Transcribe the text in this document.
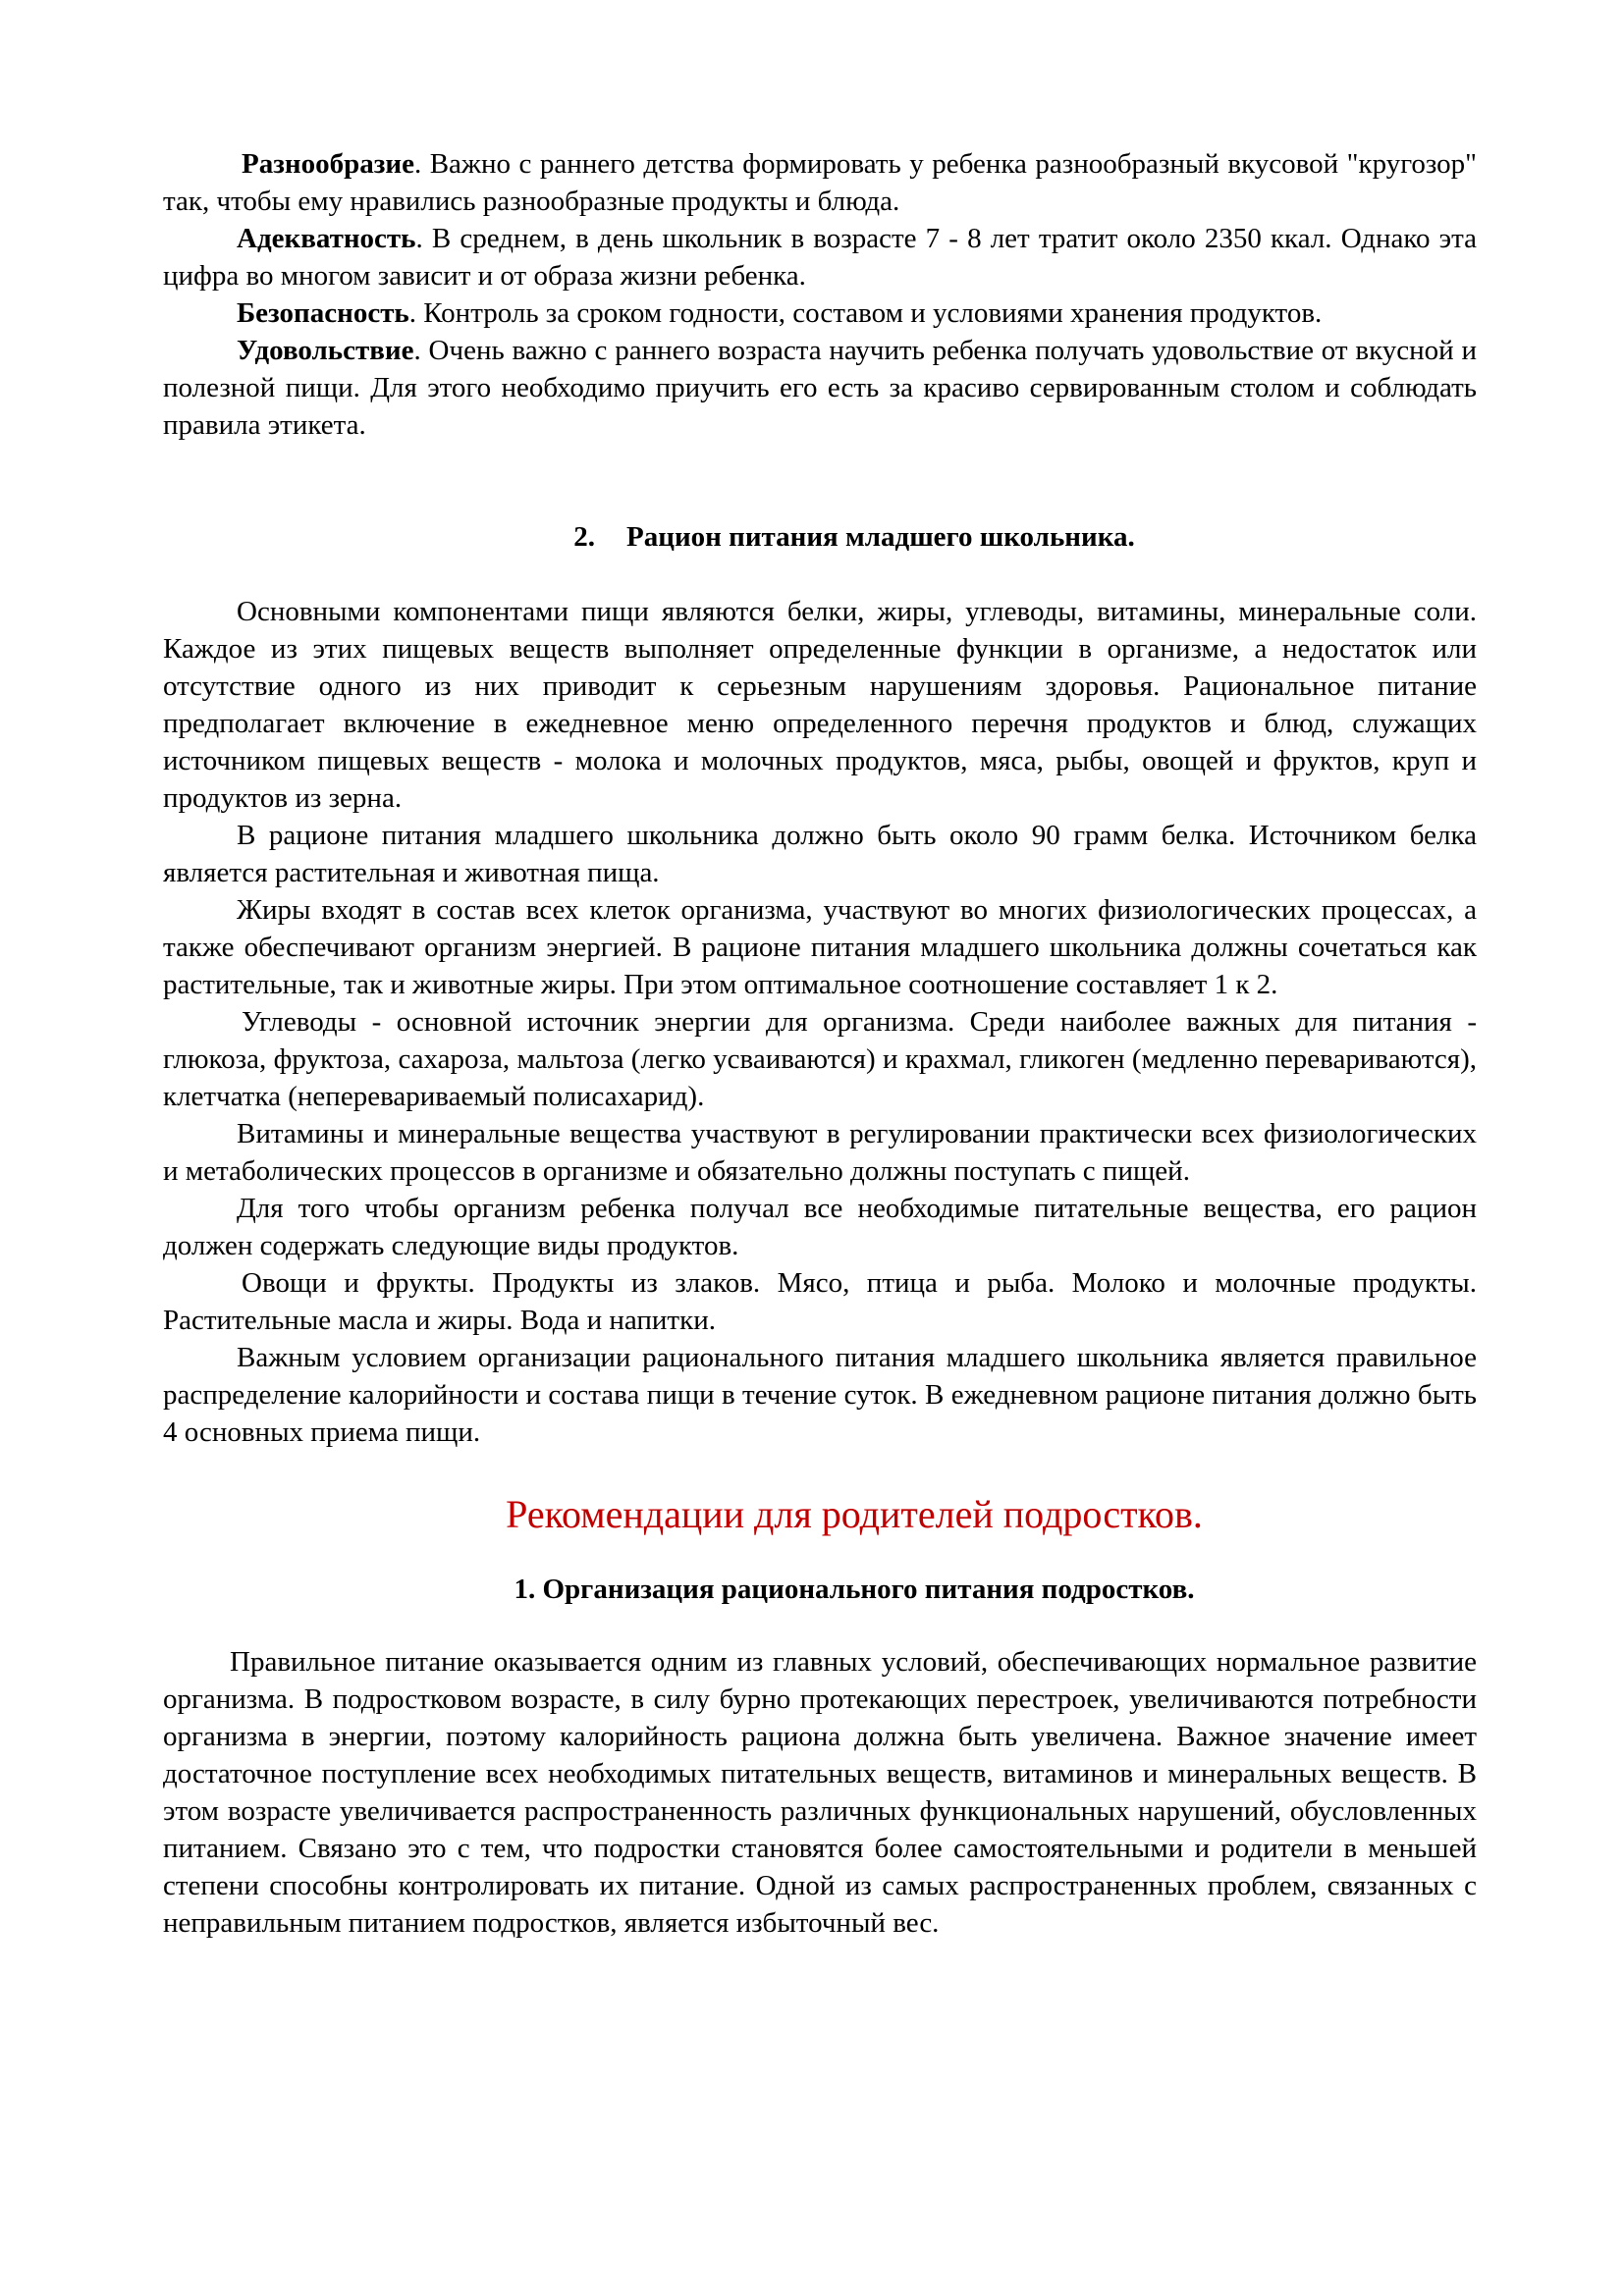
Разнообразие. Важно с раннего детства формировать у ребенка разнообразный вкусовой "кругозор" так, чтобы ему нравились разнообразные продукты и блюда.

Адекватность. В среднем, в день школьник в возрасте 7 - 8 лет тратит около 2350 ккал. Однако эта цифра во многом зависит и от образа жизни ребенка.

Безопасность. Контроль за сроком годности, составом и условиями хранения продуктов.

Удовольствие. Очень важно с раннего возраста научить ребенка получать удовольствие от вкусной и полезной пищи. Для этого необходимо приучить его есть за красиво сервированным столом и соблюдать правила этикета.

2. Рацион питания младшего школьника.

Основными компонентами пищи являются белки, жиры, углеводы, витамины, минеральные соли. Каждое из этих пищевых веществ выполняет определенные функции в организме, а недостаток или отсутствие одного из них приводит к серьезным нарушениям здоровья. Рациональное питание предполагает включение в ежедневное меню определенного перечня продуктов и блюд, служащих источником пищевых веществ - молока и молочных продуктов, мяса, рыбы, овощей и фруктов, круп и продуктов из зерна.

В рационе питания младшего школьника должно быть около 90 грамм белка. Источником белка является растительная и животная пища.

Жиры входят в состав всех клеток организма, участвуют во многих физиологических процессах, а также обеспечивают организм энергией. В рационе питания младшего школьника должны сочетаться как растительные, так и животные жиры. При этом оптимальное соотношение составляет 1 к 2.

Углеводы - основной источник энергии для организма. Среди наиболее важных для питания - глюкоза, фруктоза, сахароза, мальтоза (легко усваиваются) и крахмал, гликоген (медленно перевариваются), клетчатка (неперевариваемый полисахарид).

Витамины и минеральные вещества участвуют в регулировании практически всех физиологических и метаболических процессов в организме и обязательно должны поступать с пищей.

Для того чтобы организм ребенка получал все необходимые питательные вещества, его рацион должен содержать следующие виды продуктов.

Овощи и фрукты. Продукты из злаков. Мясо, птица и рыба. Молоко и молочные продукты. Растительные масла и жиры. Вода и напитки.

Важным условием организации рационального питания младшего школьника является правильное распределение калорийности и состава пищи в течение суток. В ежедневном рационе питания должно быть 4 основных приема пищи.

Рекомендации для родителей подростков.
1. Организация рационального питания подростков.

Правильное питание оказывается одним из главных условий, обеспечивающих нормальное развитие организма. В подростковом возрасте, в силу бурно протекающих перестроек, увеличиваются потребности организма в энергии, поэтому калорийность рациона должна быть увеличена. Важное значение имеет достаточное поступление всех необходимых питательных веществ, витаминов и минеральных веществ. В этом возрасте увеличивается распространенность различных функциональных нарушений, обусловленных питанием. Связано это с тем, что подростки становятся более самостоятельными и родители в меньшей степени способны контролировать их питание. Одной из самых распространенных проблем, связанных с неправильным питанием подростков, является избыточный вес.
